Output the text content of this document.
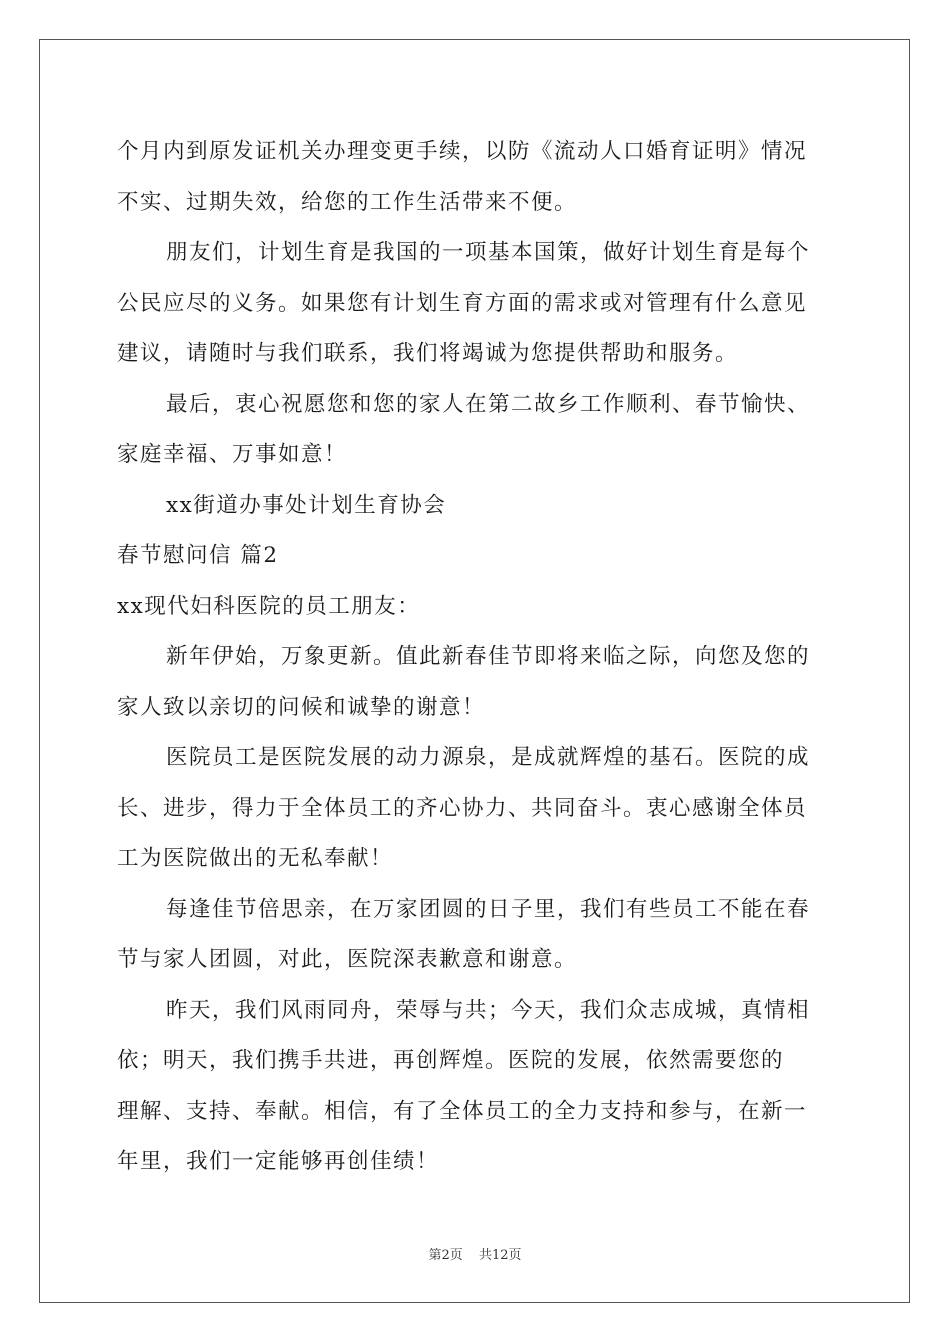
个月内到原发证机关办理变更手续，以防《流动人口婚育证明》情况
不实、过期失效，给您的工作生活带来不便。
朋友们，计划生育是我国的一项基本国策，做好计划生育是每个
公民应尽的义务。如果您有计划生育方面的需求或对管理有什么意见
建议，请随时与我们联系，我们将竭诚为您提供帮助和服务。
最后，衷心祝愿您和您的家人在第二故乡工作顺利、春节愉快、
家庭幸福、万事如意！
xx街道办事处计划生育协会
春节慰问信 篇2
xx现代妇科医院的员工朋友：
新年伊始，万象更新。值此新春佳节即将来临之际，向您及您的
家人致以亲切的问候和诚挚的谢意！
医院员工是医院发展的动力源泉，是成就辉煌的基石。医院的成
长、进步，得力于全体员工的齐心协力、共同奋斗。衷心感谢全体员
工为医院做出的无私奉献！
每逢佳节倍思亲，在万家团圆的日子里，我们有些员工不能在春
节与家人团圆，对此，医院深表歉意和谢意。
昨天，我们风雨同舟，荣辱与共；今天，我们众志成城，真情相
依；明天，我们携手共进，再创辉煌。医院的发展，依然需要您的
理解、支持、奉献。相信，有了全体员工的全力支持和参与，在新一
年里，我们一定能够再创佳绩！
第2页 共12页
